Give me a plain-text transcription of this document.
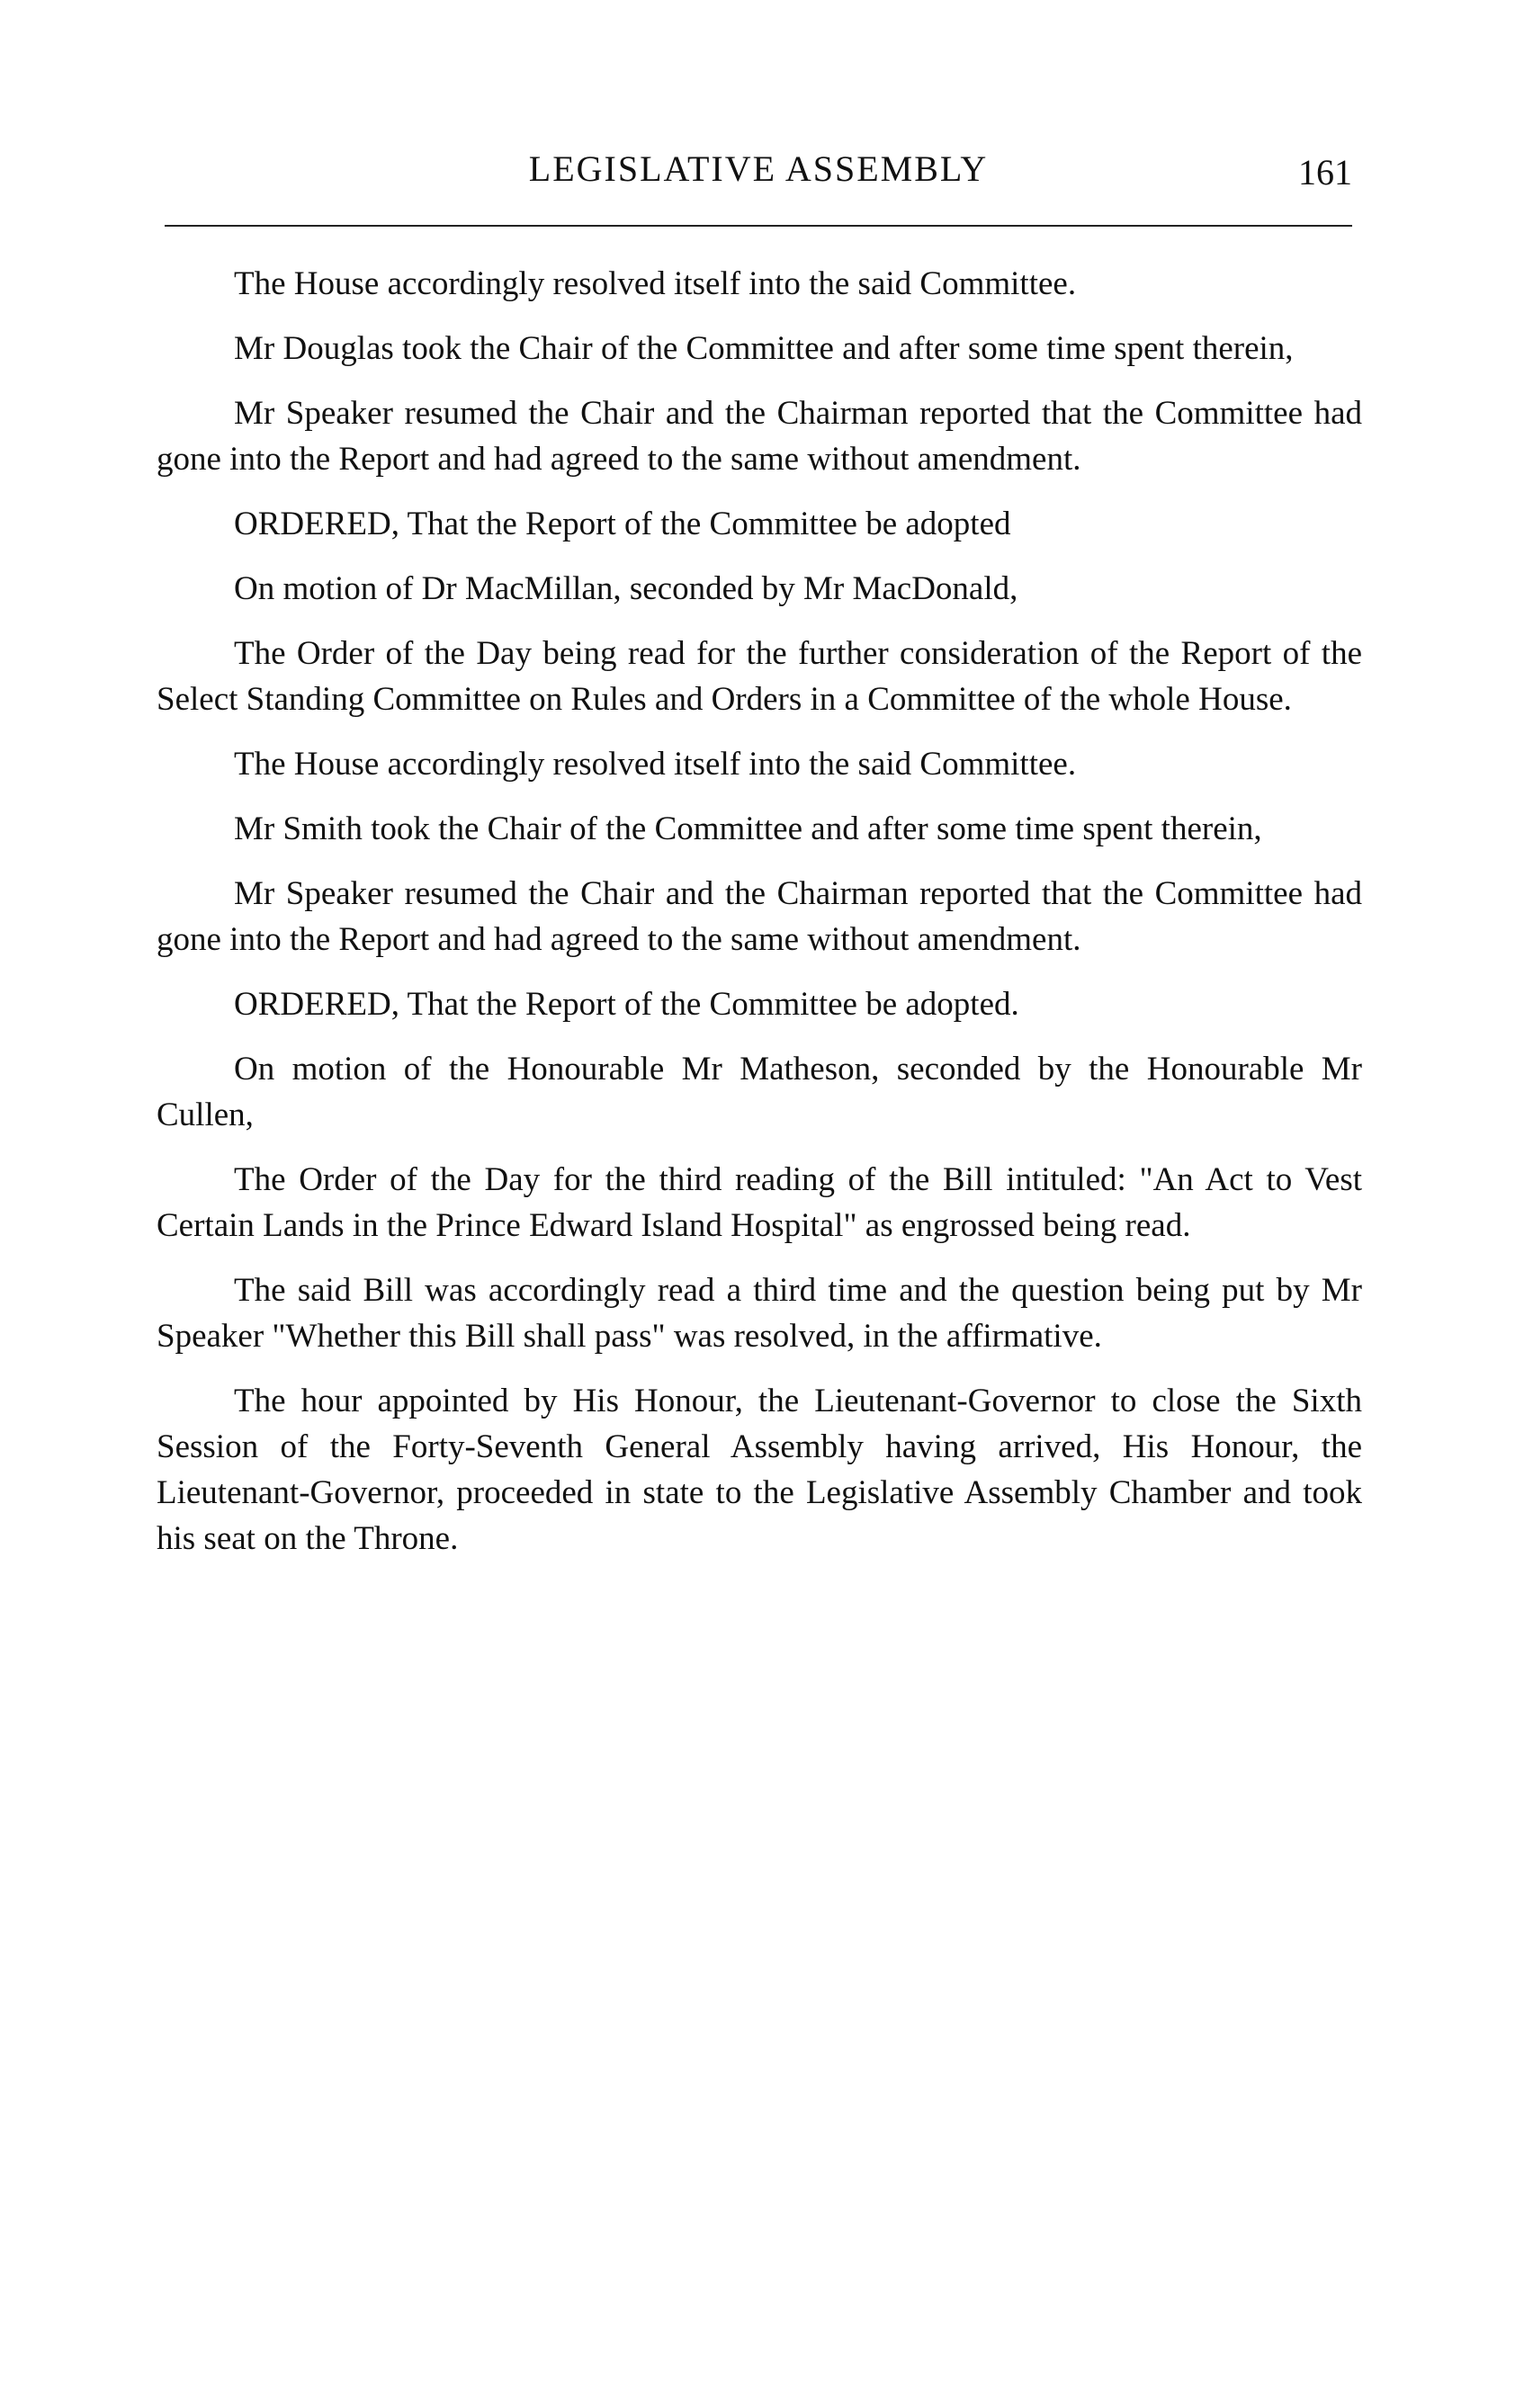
LEGISLATIVE ASSEMBLY	161

The House accordingly resolved itself into the said Committee.

Mr Douglas took the Chair of the Committee and after some time spent therein,

Mr Speaker resumed the Chair and the Chairman reported that the Committee had gone into the Report and had agreed to the same without amendment.

ORDERED, That the Report of the Committee be adopted

On motion of Dr MacMillan, seconded by Mr MacDonald,

The Order of the Day being read for the further consideration of the Report of the Select Standing Committee on Rules and Orders in a Committee of the whole House.

The House accordingly resolved itself into the said Committee.

Mr Smith took the Chair of the Committee and after some time spent therein,

Mr Speaker resumed the Chair and the Chairman reported that the Committee had gone into the Report and had agreed to the same without amendment.

ORDERED, That the Report of the Committee be adopted.

On motion of the Honourable Mr Matheson, seconded by the Honourable Mr Cullen,

The Order of the Day for the third reading of the Bill intituled: "An Act to Vest Certain Lands in the Prince Edward Island Hospital" as engrossed being read.

The said Bill was accordingly read a third time and the question being put by Mr Speaker "Whether this Bill shall pass" was resolved, in the affirmative.

The hour appointed by His Honour, the Lieutenant-Governor to close the Sixth Session of the Forty-Seventh General Assembly having arrived, His Honour, the Lieutenant-Governor, proceeded in state to the Legislative Assembly Chamber and took his seat on the Throne.
